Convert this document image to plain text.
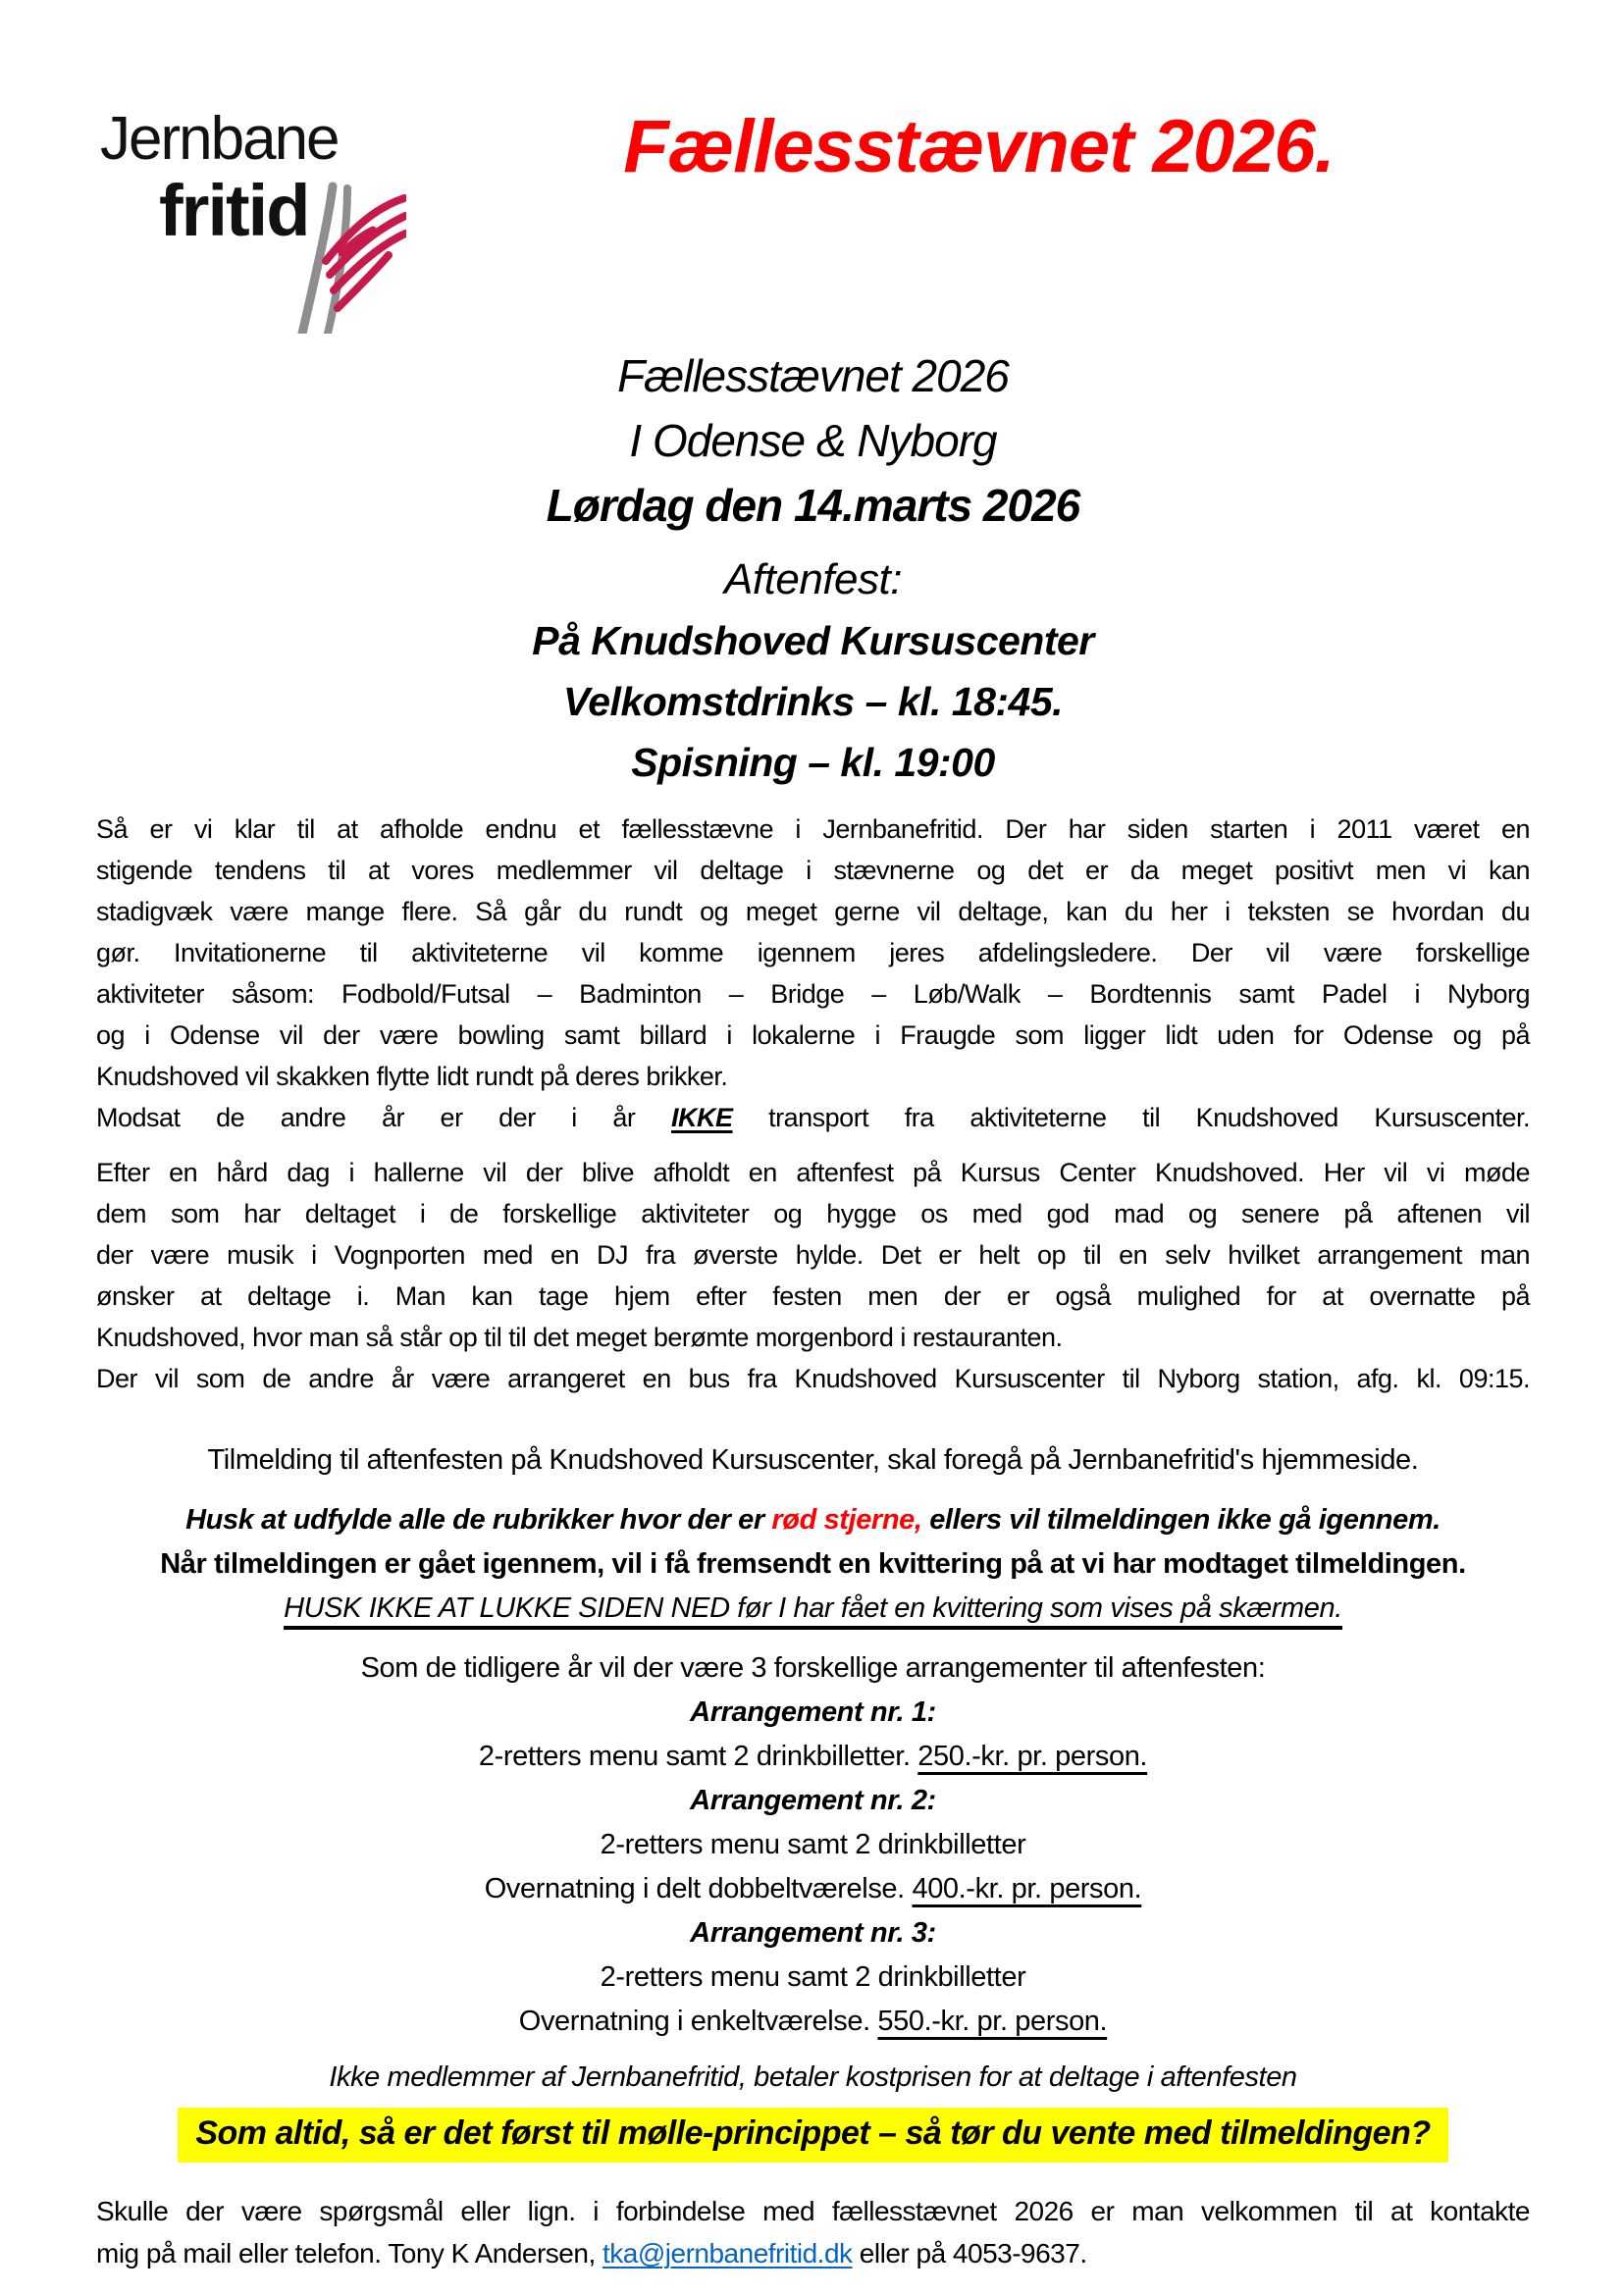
Jernbane
fritid
Fællesstævnet 2026.
Fællesstævnet 2026
I Odense & Nyborg
Lørdag den 14.marts 2026
Aftenfest:
På Knudshoved Kursuscenter
Velkomstdrinks – kl. 18:45.
Spisning – kl. 19:00
Så er vi klar til at afholde endnu et fællesstævne i Jernbanefritid. Der har siden starten i 2011 været en
stigende tendens til at vores medlemmer vil deltage i stævnerne og det er da meget positivt men vi kan
stadigvæk være mange flere. Så går du rundt og meget gerne vil deltage, kan du her i teksten se hvordan du
gør. Invitationerne til aktiviteterne vil komme igennem jeres afdelingsledere. Der vil være forskellige
aktiviteter såsom: Fodbold/Futsal – Badminton – Bridge – Løb/Walk – Bordtennis samt Padel i Nyborg
og i Odense vil der være bowling samt billard i lokalerne i Fraugde som ligger lidt uden for Odense og på
Knudshoved vil skakken flytte lidt rundt på deres brikker.
Modsat de andre år er der i år IKKE transport fra aktiviteterne til Knudshoved Kursuscenter.
Efter en hård dag i hallerne vil der blive afholdt en aftenfest på Kursus Center Knudshoved. Her vil vi møde
dem som har deltaget i de forskellige aktiviteter og hygge os med god mad og senere på aftenen vil
der være musik i Vognporten med en DJ fra øverste hylde. Det er helt op til en selv hvilket arrangement man
ønsker at deltage i. Man kan tage hjem efter festen men der er også mulighed for at overnatte på
Knudshoved, hvor man så står op til til det meget berømte morgenbord i restauranten.
Der vil som de andre år være arrangeret en bus fra Knudshoved Kursuscenter til Nyborg station, afg. kl. 09:15.
Tilmelding til aftenfesten på Knudshoved Kursuscenter, skal foregå på Jernbanefritid's hjemmeside.
Husk at udfylde alle de rubrikker hvor der er rød stjerne, ellers vil tilmeldingen ikke gå igennem.
Når tilmeldingen er gået igennem, vil i få fremsendt en kvittering på at vi har modtaget tilmeldingen.
HUSK IKKE AT LUKKE SIDEN NED før I har fået en kvittering som vises på skærmen.
Som de tidligere år vil der være 3 forskellige arrangementer til aftenfesten:
Arrangement nr. 1:
2-retters menu samt 2 drinkbilletter. 250.-kr. pr. person.
Arrangement nr. 2:
2-retters menu samt 2 drinkbilletter
Overnatning i delt dobbeltværelse. 400.-kr. pr. person.
Arrangement nr. 3:
2-retters menu samt 2 drinkbilletter
Overnatning i enkeltværelse. 550.-kr. pr. person.
Ikke medlemmer af Jernbanefritid, betaler kostprisen for at deltage i aftenfesten
Som altid, så er det først til mølle-princippet – så tør du vente med tilmeldingen?
Skulle der være spørgsmål eller lign. i forbindelse med fællesstævnet 2026 er man velkommen til at kontakte
mig på mail eller telefon. Tony K Andersen, tka@jernbanefritid.dk eller på 4053-9637.
